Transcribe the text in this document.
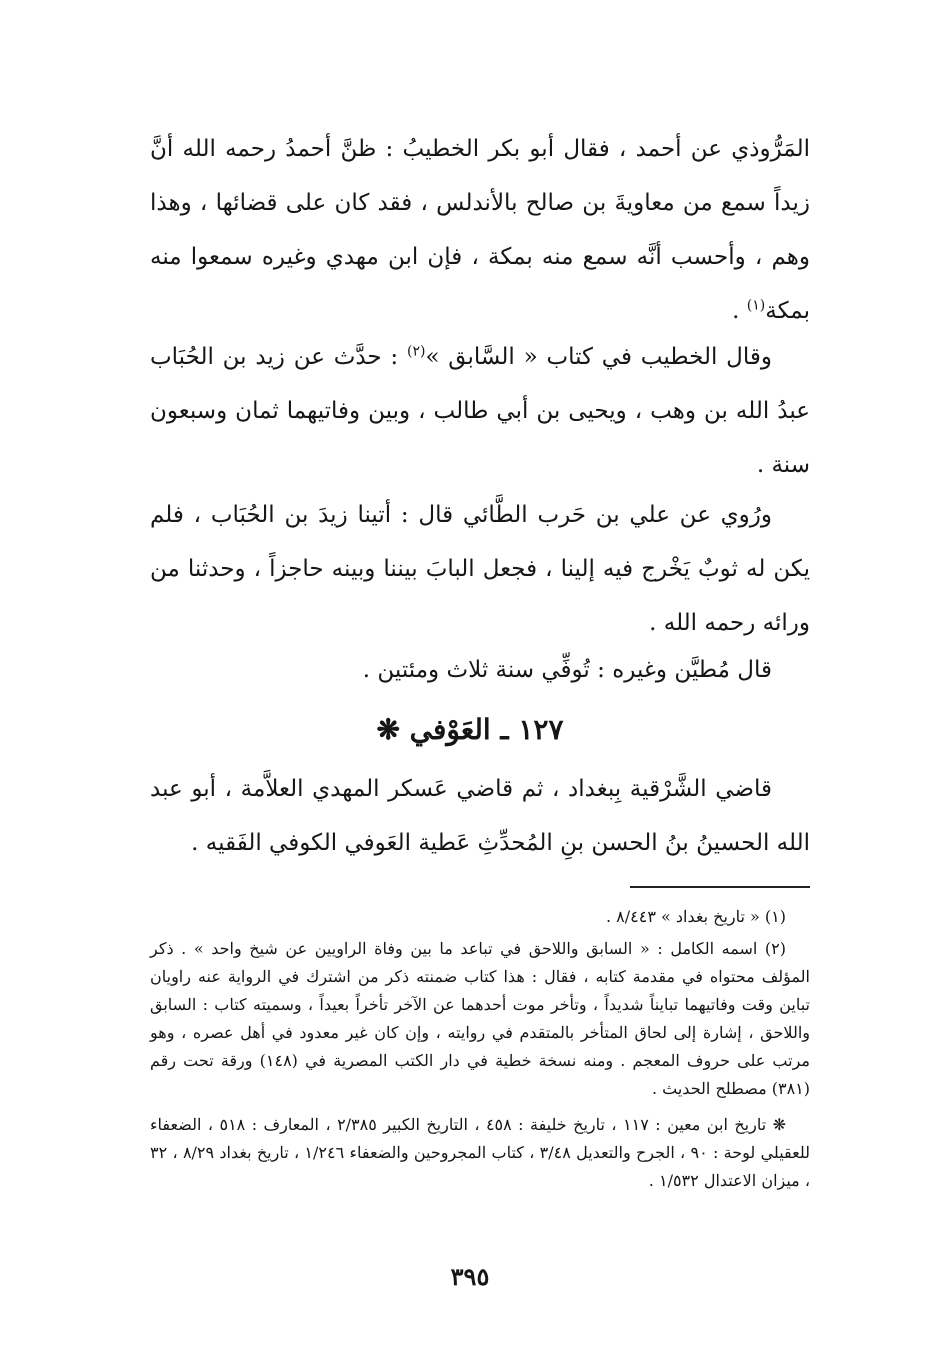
المَرُّوذي عن أحمد ، فقال أبو بكر الخطيبُ : ظنَّ أحمدُ رحمه الله أنَّ زيداً سمع من معاويةَ بن صالح بالأندلس ، فقد كان على قضائها ، وهذا وهم ، وأحسب أنَّه سمع منه بمكة ، فإن ابن مهدي وغيره سمعوا منه بمكة$^{(١)}$ .

وقال الخطيب في كتاب « السَّابق »$^{(٢)}$ : حدَّث عن زيد بن الحُبَاب عبدُ الله بن وهب ، ويحيى بن أبي طالب ، وبين وفاتيهما ثمان وسبعون سنة .

ورُوي عن علي بن حَرب الطَّائي قال : أتينا زيدَ بن الحُبَاب ، فلم يكن له ثوبٌ يَخْرج فيه إلينا ، فجعل البابَ بيننا وبينه حاجزاً ، وحدثنا من ورائه رحمه الله .

قال مُطيَّن وغيره : تُوفِّي سنة ثلاث ومئتين .

١٢٧ ـ العَوْفي ❋

قاضي الشَّرْقية بِبغداد ، ثم قاضي عَسكر المهدي العلاَّمة ، أبو عبد الله الحسينُ بنُ الحسن بنِ المُحدِّثِ عَطية العَوفي الكوفي الفَقيه .

(١) « تاريخ بغداد » ٨/٤٤٣ .

(٢) اسمه الكامل : « السابق واللاحق في تباعد ما بين وفاة الراويين عن شيخ واحد » . ذكر المؤلف محتواه في مقدمة كتابه ، فقال : هذا كتاب ضمنته ذكر من اشترك في الرواية عنه راويان تباين وقت وفاتيهما تبايناً شديداً ، وتأخر موت أحدهما عن الآخر تأخراً بعيداً ، وسميته كتاب : السابق واللاحق ، إشارة إلى لحاق المتأخر بالمتقدم في روايته ، وإن كان غير معدود في أهل عصره ، وهو مرتب على حروف المعجم . ومنه نسخة خطية في دار الكتب المصرية في (١٤٨) ورقة تحت رقم (٣٨١) مصطلح الحديث .

❋ تاريخ ابن معين : ١١٧ ، تاريخ خليفة : ٤٥٨ ، التاريخ الكبير ٢/٣٨٥ ، المعارف : ٥١٨ ، الضعفاء للعقيلي لوحة : ٩٠ ، الجرح والتعديل ٣/٤٨ ، كتاب المجروحين والضعفاء ١/٢٤٦ ، تاريخ بغداد ٨/٢٩ ، ٣٢ ، ميزان الاعتدال ١/٥٣٢ .

٣٩٥
